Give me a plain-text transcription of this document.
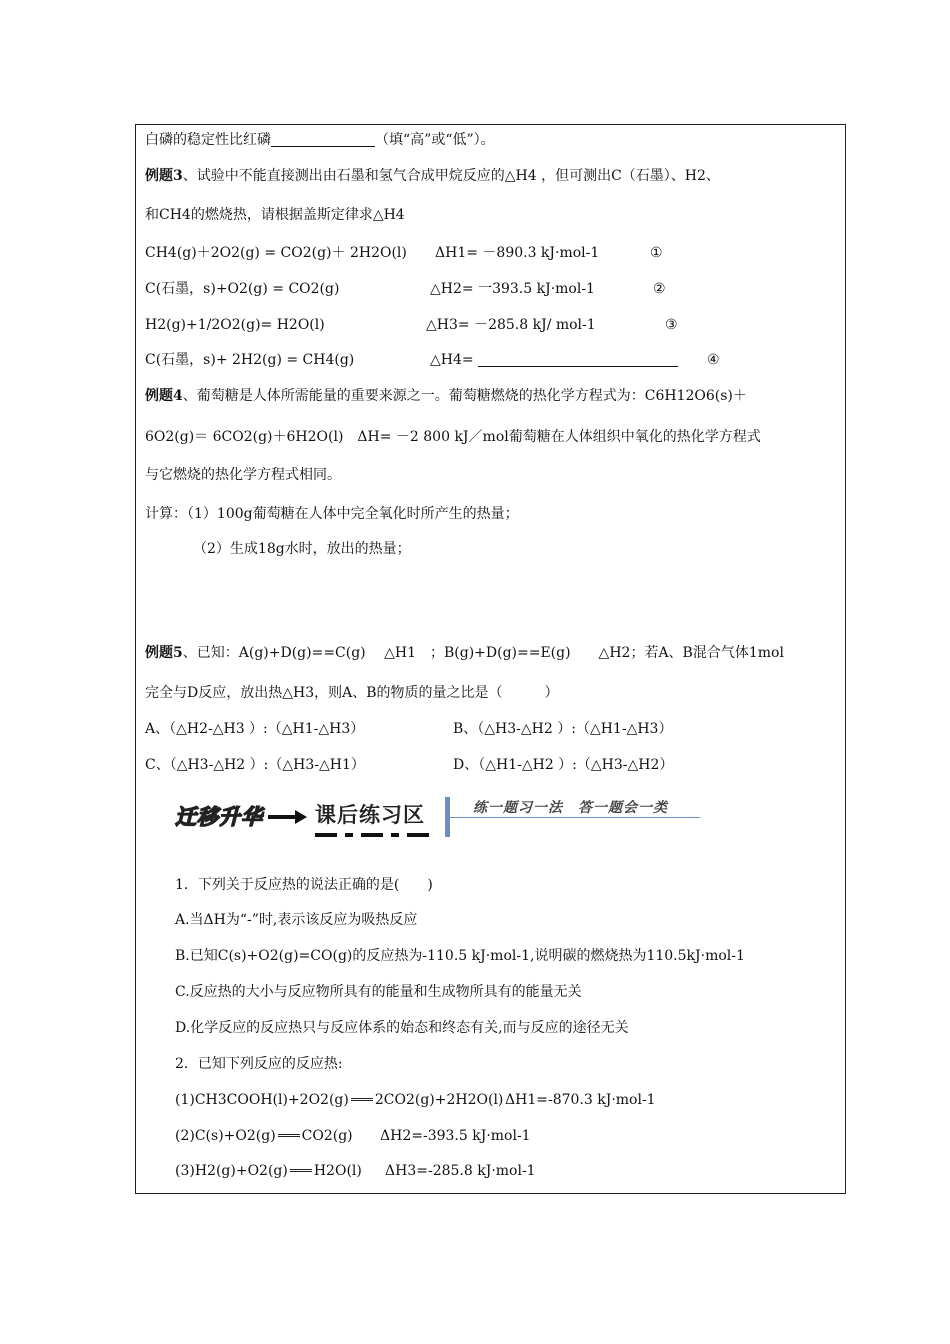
白磷的稳定性比红磷	（填“高”或“低”）。
例题3、试验中不能直接测出由石墨和氢气合成甲烷反应的△H4 ，但可测出C（石墨）、H2、
和CH4的燃烧热，请根据盖斯定律求△H4
CH4(g)＋2O2(g) = CO2(g)＋ 2H2O(l) ΔH1= －890.3 kJ·mol-1	①
C(石墨，s)+O2(g) = CO2(g)	△H2= 一393.5 kJ·mol-1	②
H2(g)+1/2O2(g)= H2O(l)	△H3= －285.8 kJ/ mol-1	③
C(石墨，s)+ 2H2(g) = CH4(g)	△H4=	④
例题4、葡萄糖是人体所需能量的重要来源之一。葡萄糖燃烧的热化学方程式为：C6H12O6(s)＋
6O2(g)＝ 6CO2(g)＋6H2O(l)　ΔH= －2 800 kJ／mol葡萄糖在人体组织中氧化的热化学方程式
与它燃烧的热化学方程式相同。
计算：（1）100g葡萄糖在人体中完全氧化时所产生的热量；
（2）生成18g水时，放出的热量；
例题5、已知：A(g)+D(g)==C(g)　 △H1　；B(g)+D(g)==E(g)　　△H2；若A、B混合气体1mol
完全与D反应，放出热△H3，则A、B的物质的量之比是（　　　）
A、（△H2-△H3 ）:（△H1-△H3）	B、（△H3-△H2 ）:（△H1-△H3）
C、（△H3-△H2 ）:（△H3-△H1）	D、（△H1-△H2 ）:（△H3-△H2）
迁移升华 课后练习区	练一题习一法　答一题会一类
1．下列关于反应热的说法正确的是(　　)
A.当ΔH为“-”时,表示该反应为吸热反应
B.已知C(s)+O2(g)=CO(g)的反应热为-110.5 kJ·mol-1,说明碳的燃烧热为110.5kJ·mol-1
C.反应热的大小与反应物所具有的能量和生成物所具有的能量无关
D.化学反应的反应热只与反应体系的始态和终态有关,而与反应的途径无关
2．已知下列反应的反应热:
(1)CH3COOH(l)+2O2(g) 2CO2(g)+2H2O(l) ΔH1=-870.3 kJ·mol-1
(2)C(s)+O2(g) CO2(g) ΔH2=-393.5 kJ·mol-1
(3)H2(g)+O2(g) H2O(l) ΔH3=-285.8 kJ·mol-1
